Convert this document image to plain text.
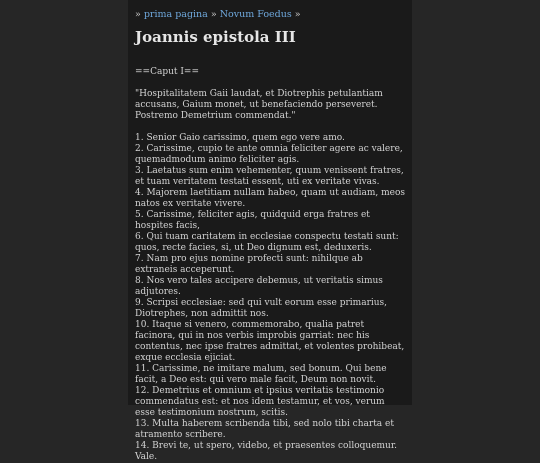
» prima pagina » Novum Foedus »
Joannis epistola III
==Caput I==
"Hospitalitatem Gaii laudat, et Diotrephis petulantiam accusans, Gaium monet, ut benefaciendo perseveret. Postremo Demetrium commendat."
1. Senior Gaio carissimo, quem ego vere amo.
2. Carissime, cupio te ante omnia feliciter agere ac valere, quemadmodum animo feliciter agis.
3. Laetatus sum enim vehementer, quum venissent fratres, et tuam veritatem testati essent, uti ex veritate vivas.
4. Majorem laetitiam nullam habeo, quam ut audiam, meos natos ex veritate vivere.
5. Carissime, feliciter agis, quidquid erga fratres et hospites facis,
6. Qui tuam caritatem in ecclesiae conspectu testati sunt: quos, recte facies, si, ut Deo dignum est, deduxeris.
7. Nam pro ejus nomine profecti sunt: nihilque ab extraneis acceperunt.
8. Nos vero tales accipere debemus, ut veritatis simus adjutores.
9. Scripsi ecclesiae: sed qui vult eorum esse primarius, Diotrephes, non admittit nos.
10. Itaque si venero, commemorabo, qualia patret facinora, qui in nos verbis improbis garriat: nec his contentus, nec ipse fratres admittat, et volentes prohibeat, exque ecclesia ejiciat.
11. Carissime, ne imitare malum, sed bonum. Qui bene facit, a Deo est: qui vero male facit, Deum non novit.
12. Demetrius et omnium et ipsius veritatis testimonio commendatus est: et nos idem testamur, et vos, verum esse testimonium nostrum, scitis.
13. Multa haberem scribenda tibi, sed nolo tibi charta et atramento scribere.
14. Brevi te, ut spero, videbo, et praesentes colloquemur. Vale.
